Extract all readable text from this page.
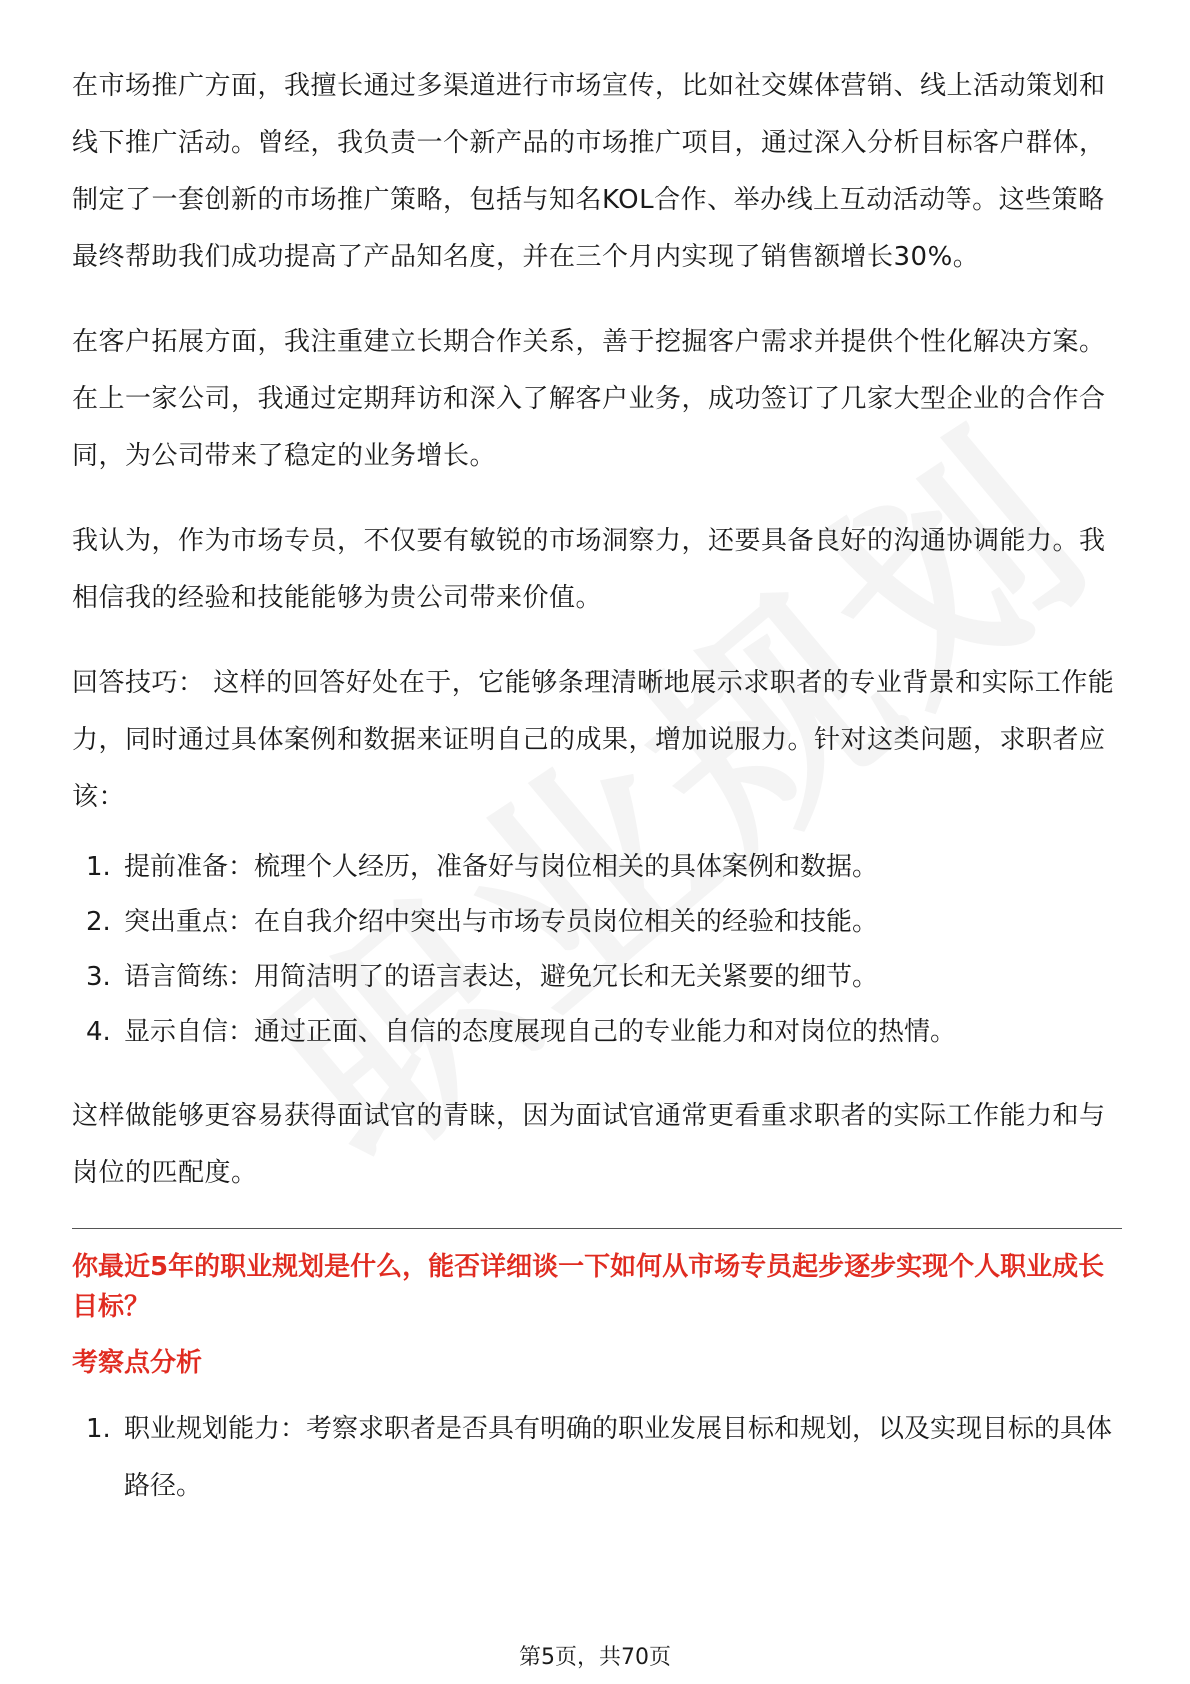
在市场推广方面，我擅长通过多渠道进行市场宣传，比如社交媒体营销、线上活动策划和线下推广活动。曾经，我负责一个新产品的市场推广项目，通过深入分析目标客户群体，制定了一套创新的市场推广策略，包括与知名KOL合作、举办线上互动活动等。这些策略最终帮助我们成功提高了产品知名度，并在三个月内实现了销售额增长30%。

在客户拓展方面，我注重建立长期合作关系，善于挖掘客户需求并提供个性化解决方案。在上一家公司，我通过定期拜访和深入了解客户业务，成功签订了几家大型企业的合作合同，为公司带来了稳定的业务增长。

我认为，作为市场专员，不仅要有敏锐的市场洞察力，还要具备良好的沟通协调能力。我相信我的经验和技能能够为贵公司带来价值。

回答技巧： 这样的回答好处在于，它能够条理清晰地展示求职者的专业背景和实际工作能力，同时通过具体案例和数据来证明自己的成果，增加说服力。针对这类问题，求职者应该：

1. 提前准备：梳理个人经历，准备好与岗位相关的具体案例和数据。
2. 突出重点：在自我介绍中突出与市场专员岗位相关的经验和技能。
3. 语言简练：用简洁明了的语言表达，避免冗长和无关紧要的细节。
4. 显示自信：通过正面、自信的态度展现自己的专业能力和对岗位的热情。

这样做能够更容易获得面试官的青睐，因为面试官通常更看重求职者的实际工作能力和与岗位的匹配度。

你最近5年的职业规划是什么，能否详细谈一下如何从市场专员起步逐步实现个人职业成长目标？
考察点分析
1. 职业规划能力：考察求职者是否具有明确的职业发展目标和规划，以及实现目标的具体路径。
第5页，共70页
